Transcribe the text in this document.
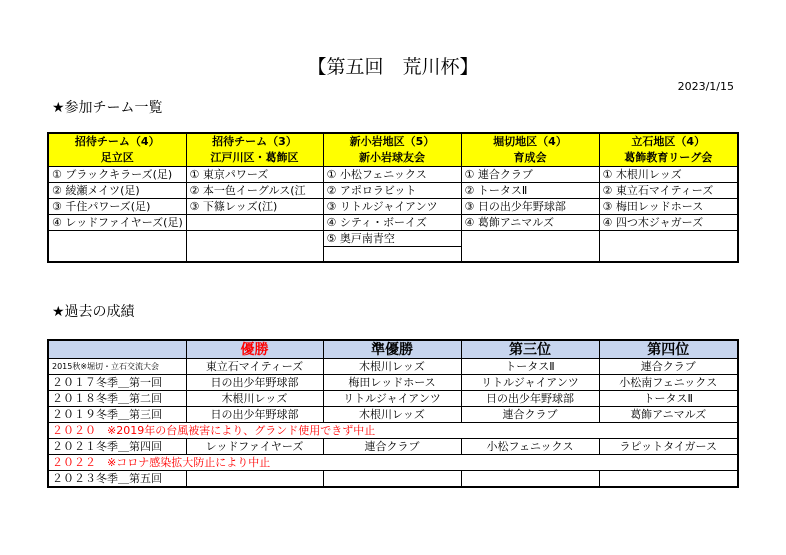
【第五回　荒川杯】
2023/1/15
★参加チーム一覧
招待チーム（4）	招待チーム（3）	新小岩地区（5）	堀切地区（4）	立石地区（4）
足立区	江戸川区・葛飾区	新小岩球友会	育成会	葛飾教育リーグ会
① ブラックキラーズ(足)	① 東京パワーズ	① 小松フェニックス	① 連合クラブ	① 木根川レッズ
② 綾瀬メイツ(足)	② 本一色イーグルス(江	② アポロラビット	② トータスⅡ	② 東立石マイティーズ
③ 千住パワーズ(足)	③ 下篠レッズ(江)	③ リトルジャイアンツ	③ 日の出少年野球部	③ 梅田レッドホース
④ レッドファイヤーズ(足)		④ シティ・ボーイズ	④ 葛飾アニマルズ	④ 四つ木ジャガーズ
		⑤ 奥戸南青空		

★過去の成績
	優勝	準優勝	第三位	第四位
2015秋※堀切・立石交流大会	東立石マイティーズ	木根川レッズ	トータスⅡ	連合クラブ
２０１７冬季＿第一回	日の出少年野球部	梅田レッドホース	リトルジャイアンツ	小松南フェニックス
２０１８冬季＿第二回	木根川レッズ	リトルジャイアンツ	日の出少年野球部	トータスⅡ
２０１９冬季＿第三回	日の出少年野球部	木根川レッズ	連合クラブ	葛飾アニマルズ
２０２０　※2019年の台風被害により、グランド使用できず中止				
２０２１冬季＿第四回	レッドファイヤーズ	連合クラブ	小松フェニックス	ラピットタイガース
２０２２　※コロナ感染拡大防止により中止				
２０２３冬季＿第五回				
